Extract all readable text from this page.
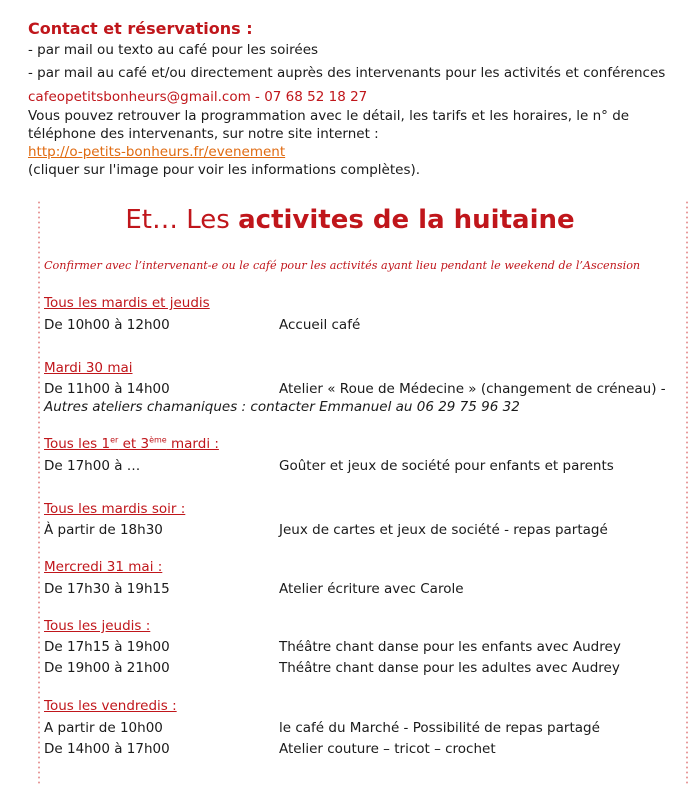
Contact et réservations :
- par mail ou texto au café pour les soirées
- par mail au café et/ou directement auprès des intervenants pour les activités et conférences
cafeopetitsbonheurs@gmail.com - 07 68 52 18 27
Vous pouvez retrouver la programmation avec le détail, les tarifs et les horaires, le n° de
téléphone des intervenants, sur notre site internet :
http://o-petits-bonheurs.fr/evenement
(cliquer sur l'image pour voir les informations complètes).
Et… Les activites de la huitaine
Confirmer avec l’intervenant-e ou le café pour les activités ayant lieu pendant le weekend de l’Ascension
Tous les mardis et jeudis
De 10h00 à 12h00	Accueil café
Mardi 30 mai
De 11h00 à 14h00	Atelier « Roue de Médecine » (changement de créneau) -
Autres ateliers chamaniques : contacter Emmanuel au 06 29 75 96 32
Tous les 1er et 3ème mardi :
De 17h00 à …	Goûter et jeux de société pour enfants et parents
Tous les mardis soir :
À partir de 18h30	Jeux de cartes et jeux de société - repas partagé
Mercredi 31 mai :
De 17h30 à 19h15	Atelier écriture avec Carole
Tous les jeudis :
De 17h15 à 19h00	Théâtre chant danse pour les enfants avec Audrey
De 19h00 à 21h00	Théâtre chant danse pour les adultes avec Audrey
Tous les vendredis :
A partir de 10h00	le café du Marché - Possibilité de repas partagé
De 14h00 à 17h00	Atelier couture – tricot – crochet
